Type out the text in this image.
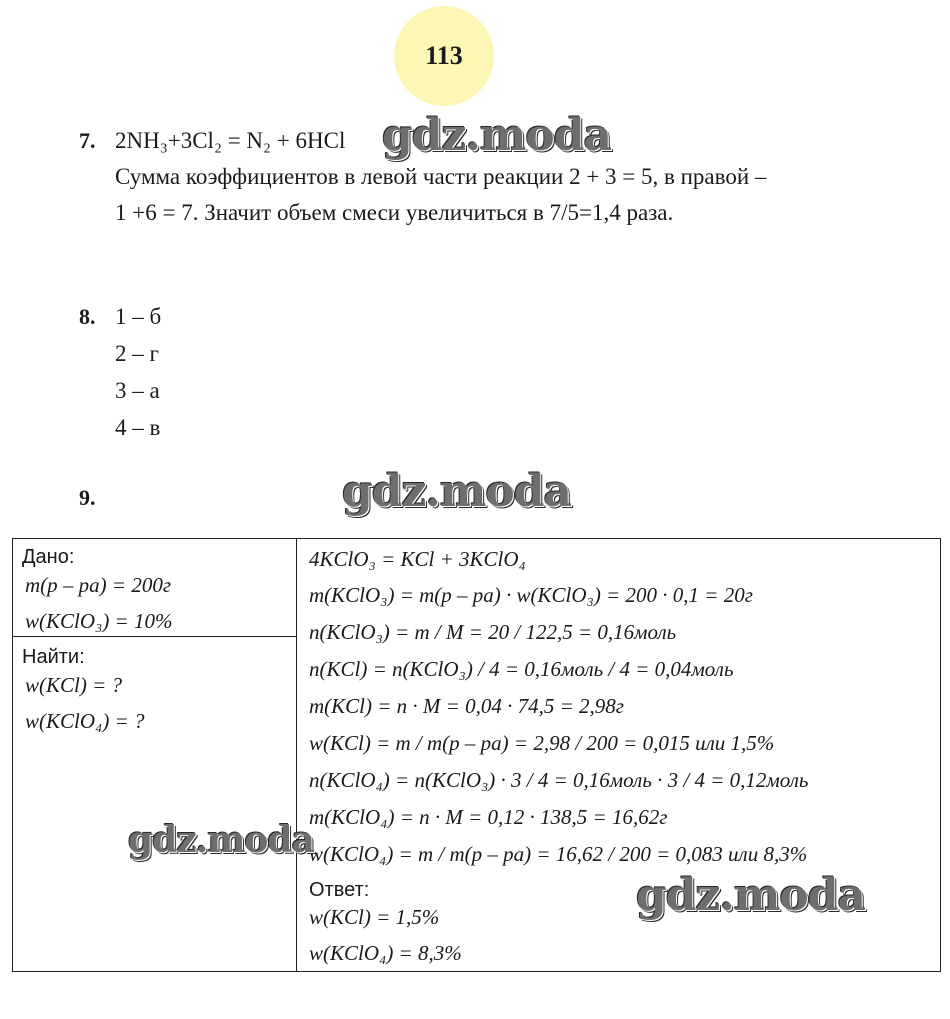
113
7. 2NH₃+3Cl₂ = N₂ + 6HCl
Сумма коэффициентов в левой части реакции 2 + 3 = 5, в правой –
1 +6 = 7. Значит объем смеси увеличиться в 7/5=1,4 раза.
8. 1 – б
2 – г
3 – а
4 – в
9.
Дано:
m(р – ра) = 200г
w(KClO₃) = 10%
Найти:
w(KCl) = ?
w(KClO₄) = ?
4KClO₃ = KCl + 3KClO₄
m(KClO₃) = m(р – ра) · w(KClO₃) = 200 · 0,1 = 20г
n(KClO₃) = m / M = 20 / 122,5 = 0,16моль
n(KCl) = n(KClO₃) / 4 = 0,16моль / 4 = 0,04моль
m(KCl) = n · M = 0,04 · 74,5 = 2,98г
w(KCl) = m / m(р – ра) = 2,98 / 200 = 0,015 или 1,5%
n(KClO₄) = n(KClO₃) · 3 / 4 = 0,16моль · 3 / 4 = 0,12моль
m(KClO₄) = n · M = 0,12 · 138,5 = 16,62г
w(KClO₄) = m / m(р – ра) = 16,62 / 200 = 0,083 или 8,3%
Ответ:
w(KCl) = 1,5%
w(KClO₄) = 8,3%
gdz.moda
gdz.moda
gdz.moda
gdz.moda
